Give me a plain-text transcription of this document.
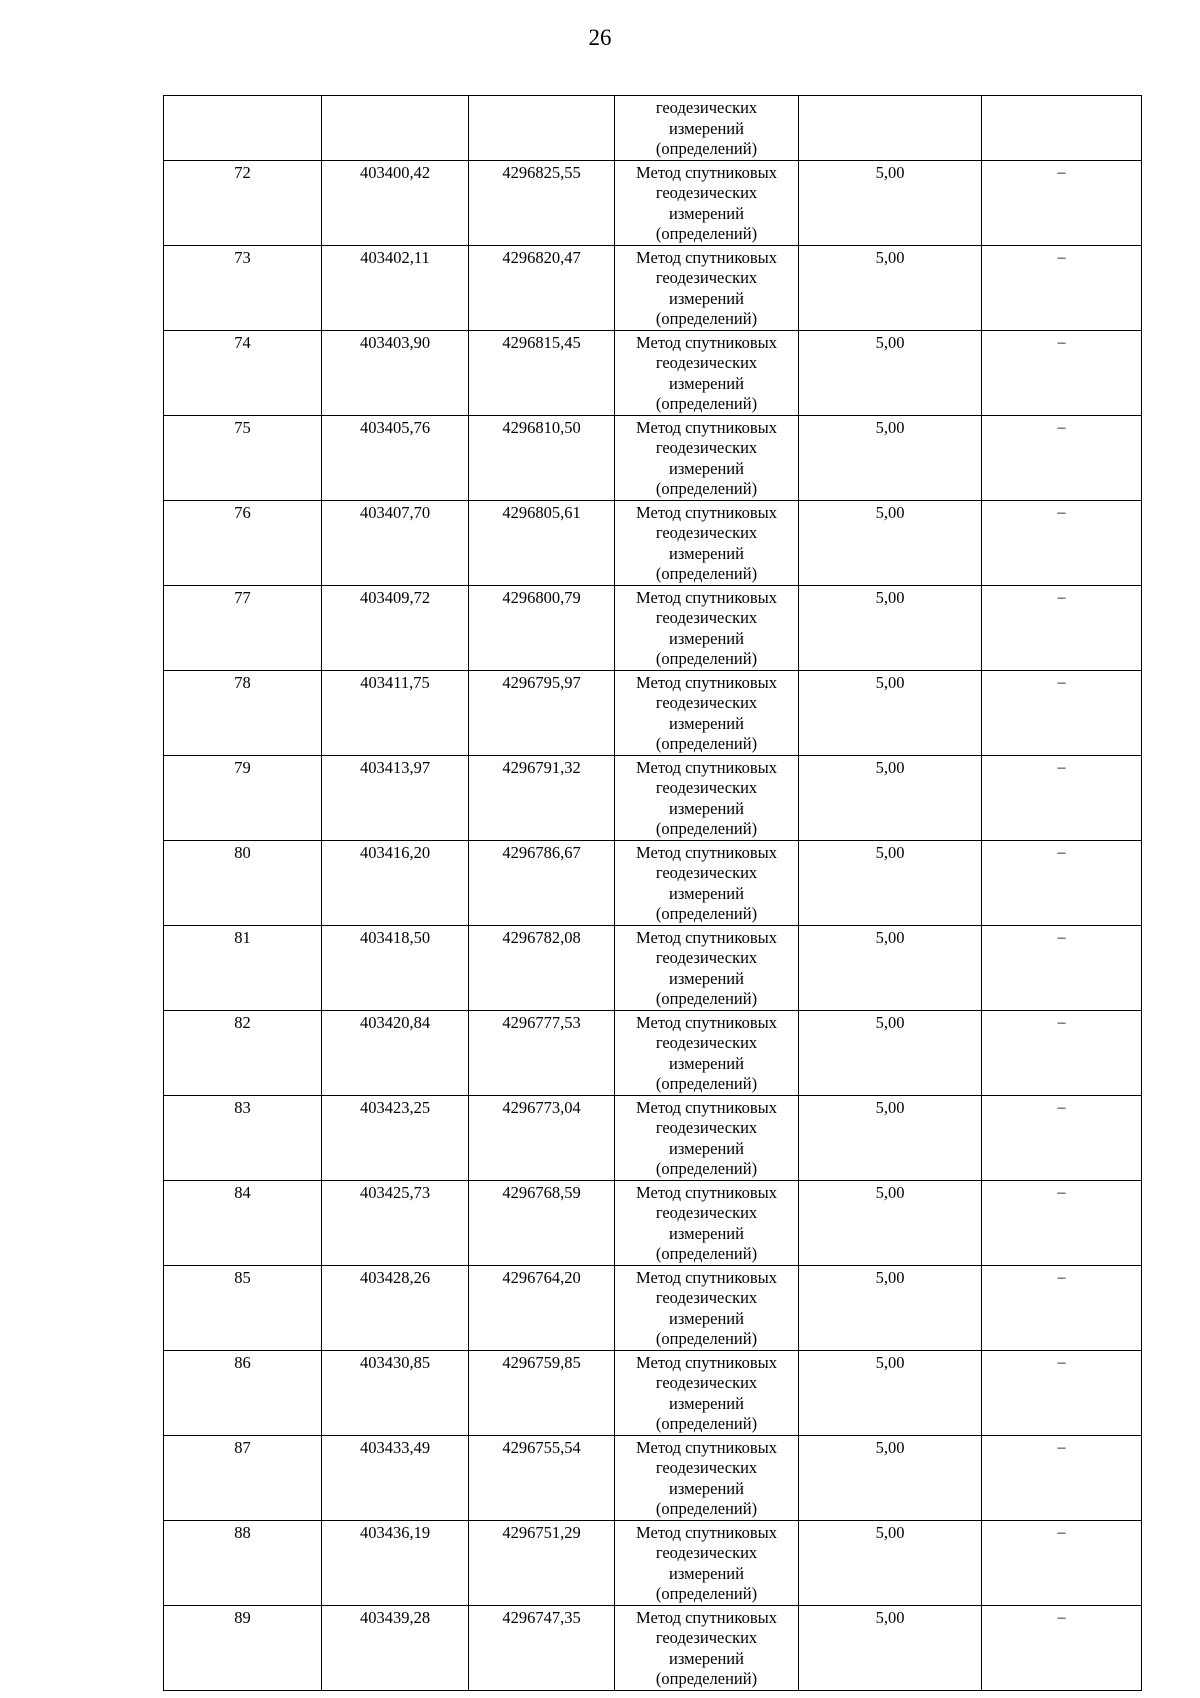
26
			геодезических
измерений
(определений)		
72	403400,42	4296825,55	Метод спутниковых
геодезических
измерений
(определений)	5,00	–
73	403402,11	4296820,47	Метод спутниковых
геодезических
измерений
(определений)	5,00	–
74	403403,90	4296815,45	Метод спутниковых
геодезических
измерений
(определений)	5,00	–
75	403405,76	4296810,50	Метод спутниковых
геодезических
измерений
(определений)	5,00	–
76	403407,70	4296805,61	Метод спутниковых
геодезических
измерений
(определений)	5,00	–
77	403409,72	4296800,79	Метод спутниковых
геодезических
измерений
(определений)	5,00	–
78	403411,75	4296795,97	Метод спутниковых
геодезических
измерений
(определений)	5,00	–
79	403413,97	4296791,32	Метод спутниковых
геодезических
измерений
(определений)	5,00	–
80	403416,20	4296786,67	Метод спутниковых
геодезических
измерений
(определений)	5,00	–
81	403418,50	4296782,08	Метод спутниковых
геодезических
измерений
(определений)	5,00	–
82	403420,84	4296777,53	Метод спутниковых
геодезических
измерений
(определений)	5,00	–
83	403423,25	4296773,04	Метод спутниковых
геодезических
измерений
(определений)	5,00	–
84	403425,73	4296768,59	Метод спутниковых
геодезических
измерений
(определений)	5,00	–
85	403428,26	4296764,20	Метод спутниковых
геодезических
измерений
(определений)	5,00	–
86	403430,85	4296759,85	Метод спутниковых
геодезических
измерений
(определений)	5,00	–
87	403433,49	4296755,54	Метод спутниковых
геодезических
измерений
(определений)	5,00	–
88	403436,19	4296751,29	Метод спутниковых
геодезических
измерений
(определений)	5,00	–
89	403439,28	4296747,35	Метод спутниковых
геодезических
измерений
(определений)	5,00	–
